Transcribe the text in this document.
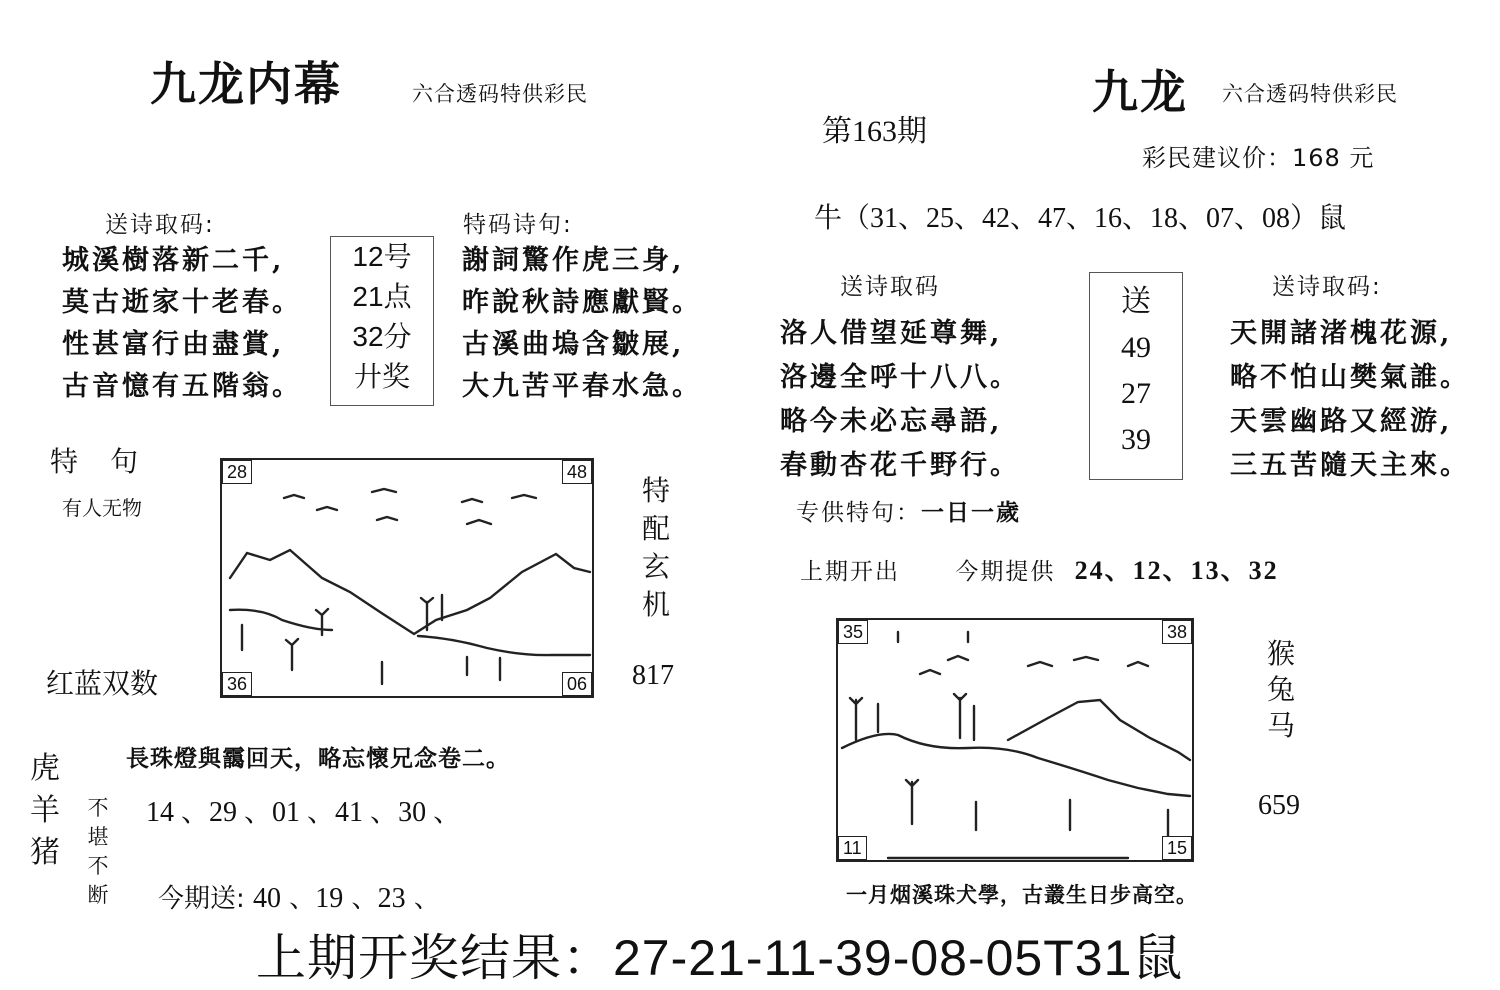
九龙内幕	六合透码特供彩民
送诗取码:
城溪樹落新二千,
莫古逝家十老春。
性甚富行由盡賞,
古音憶有五階翁。
12号
21点
32分
廾奖
特码诗句:
謝詞驚作虎三身,
昨說秋詩應獻賢。
古溪曲塢含皺展,
大九苦平春水急。
特　句
有人无物
28	48
36	06
特
配
玄
机
817
红蓝双数
長珠燈與靄回天，略忘懷兄念卷二。
虎
羊
猪
不
堪
不
断
14 、29 、01 、41 、30 、
今期送: 40 、19 、23 、
九龙 六合透码特供彩民
第163期
彩民建议价：168 元
牛（31、25、42、47、16、18、07、08）鼠
送诗取码
洛人借望延尊舞,
洛邊全呼十八八。
略今未必忘尋語,
春動杏花千野行。
送
49
27
39
送诗取码:
天開諸渚槐花源,
略不怕山樊氣誰。
天雲幽路又經游,
三五苦隨天主來。
专供特句：一日一歲
上期开出 今期提供 24、12、13、32
35	38
11	15
猴
兔
马
659
一月烟溪珠犬學，古叢生日步高空。
上期开奖结果：27-21-11-39-08-05T31鼠
